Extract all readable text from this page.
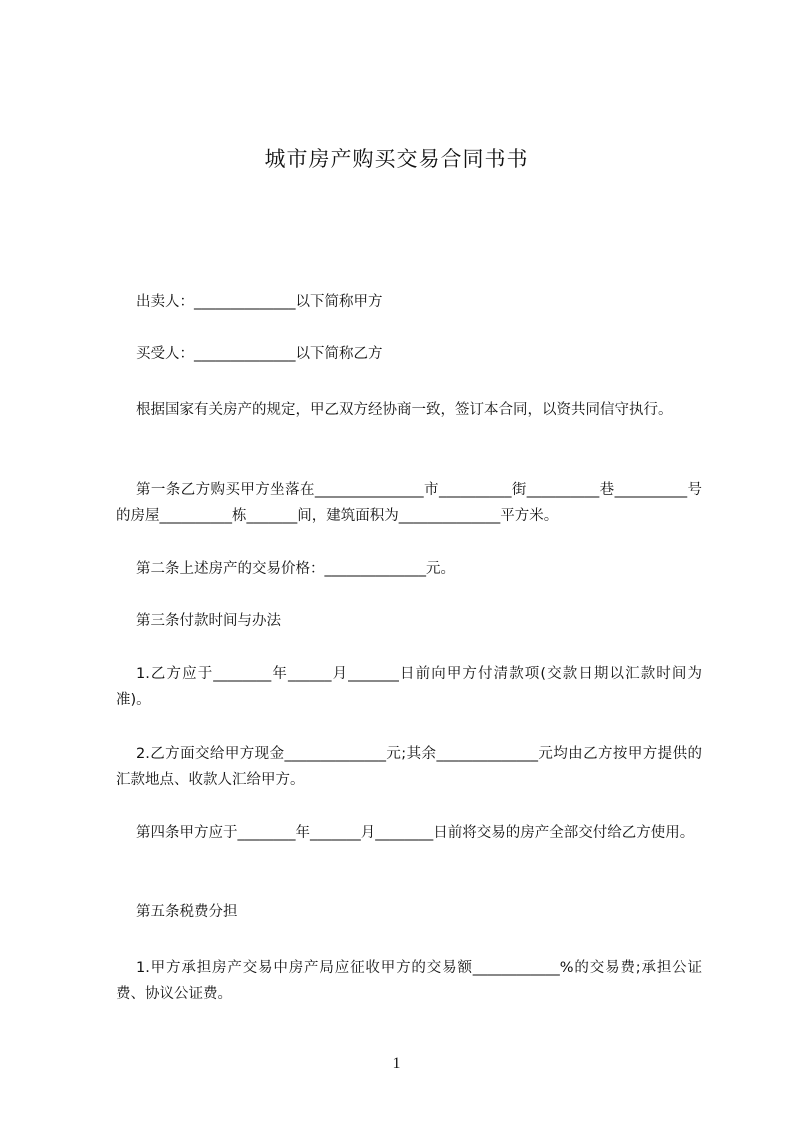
城市房产购买交易合同书书
出卖人：______________以下简称甲方
买受人：______________以下简称乙方
根据国家有关房产的规定，甲乙双方经协商一致，签订本合同，以资共同信守执行。
第一条乙方购买甲方坐落在_______________市__________街__________巷__________号的房屋__________栋_______间，建筑面积为______________平方米。
第二条上述房产的交易价格：______________元。
第三条付款时间与办法
1.乙方应于________年______月_______日前向甲方付清款项(交款日期以汇款时间为准)。
2.乙方面交给甲方现金______________元;其余______________元均由乙方按甲方提供的汇款地点、收款人汇给甲方。
第四条甲方应于________年_______月________日前将交易的房产全部交付给乙方使用。
第五条税费分担
1.甲方承担房产交易中房产局应征收甲方的交易额____________%的交易费;承担公证费、协议公证费。
1
